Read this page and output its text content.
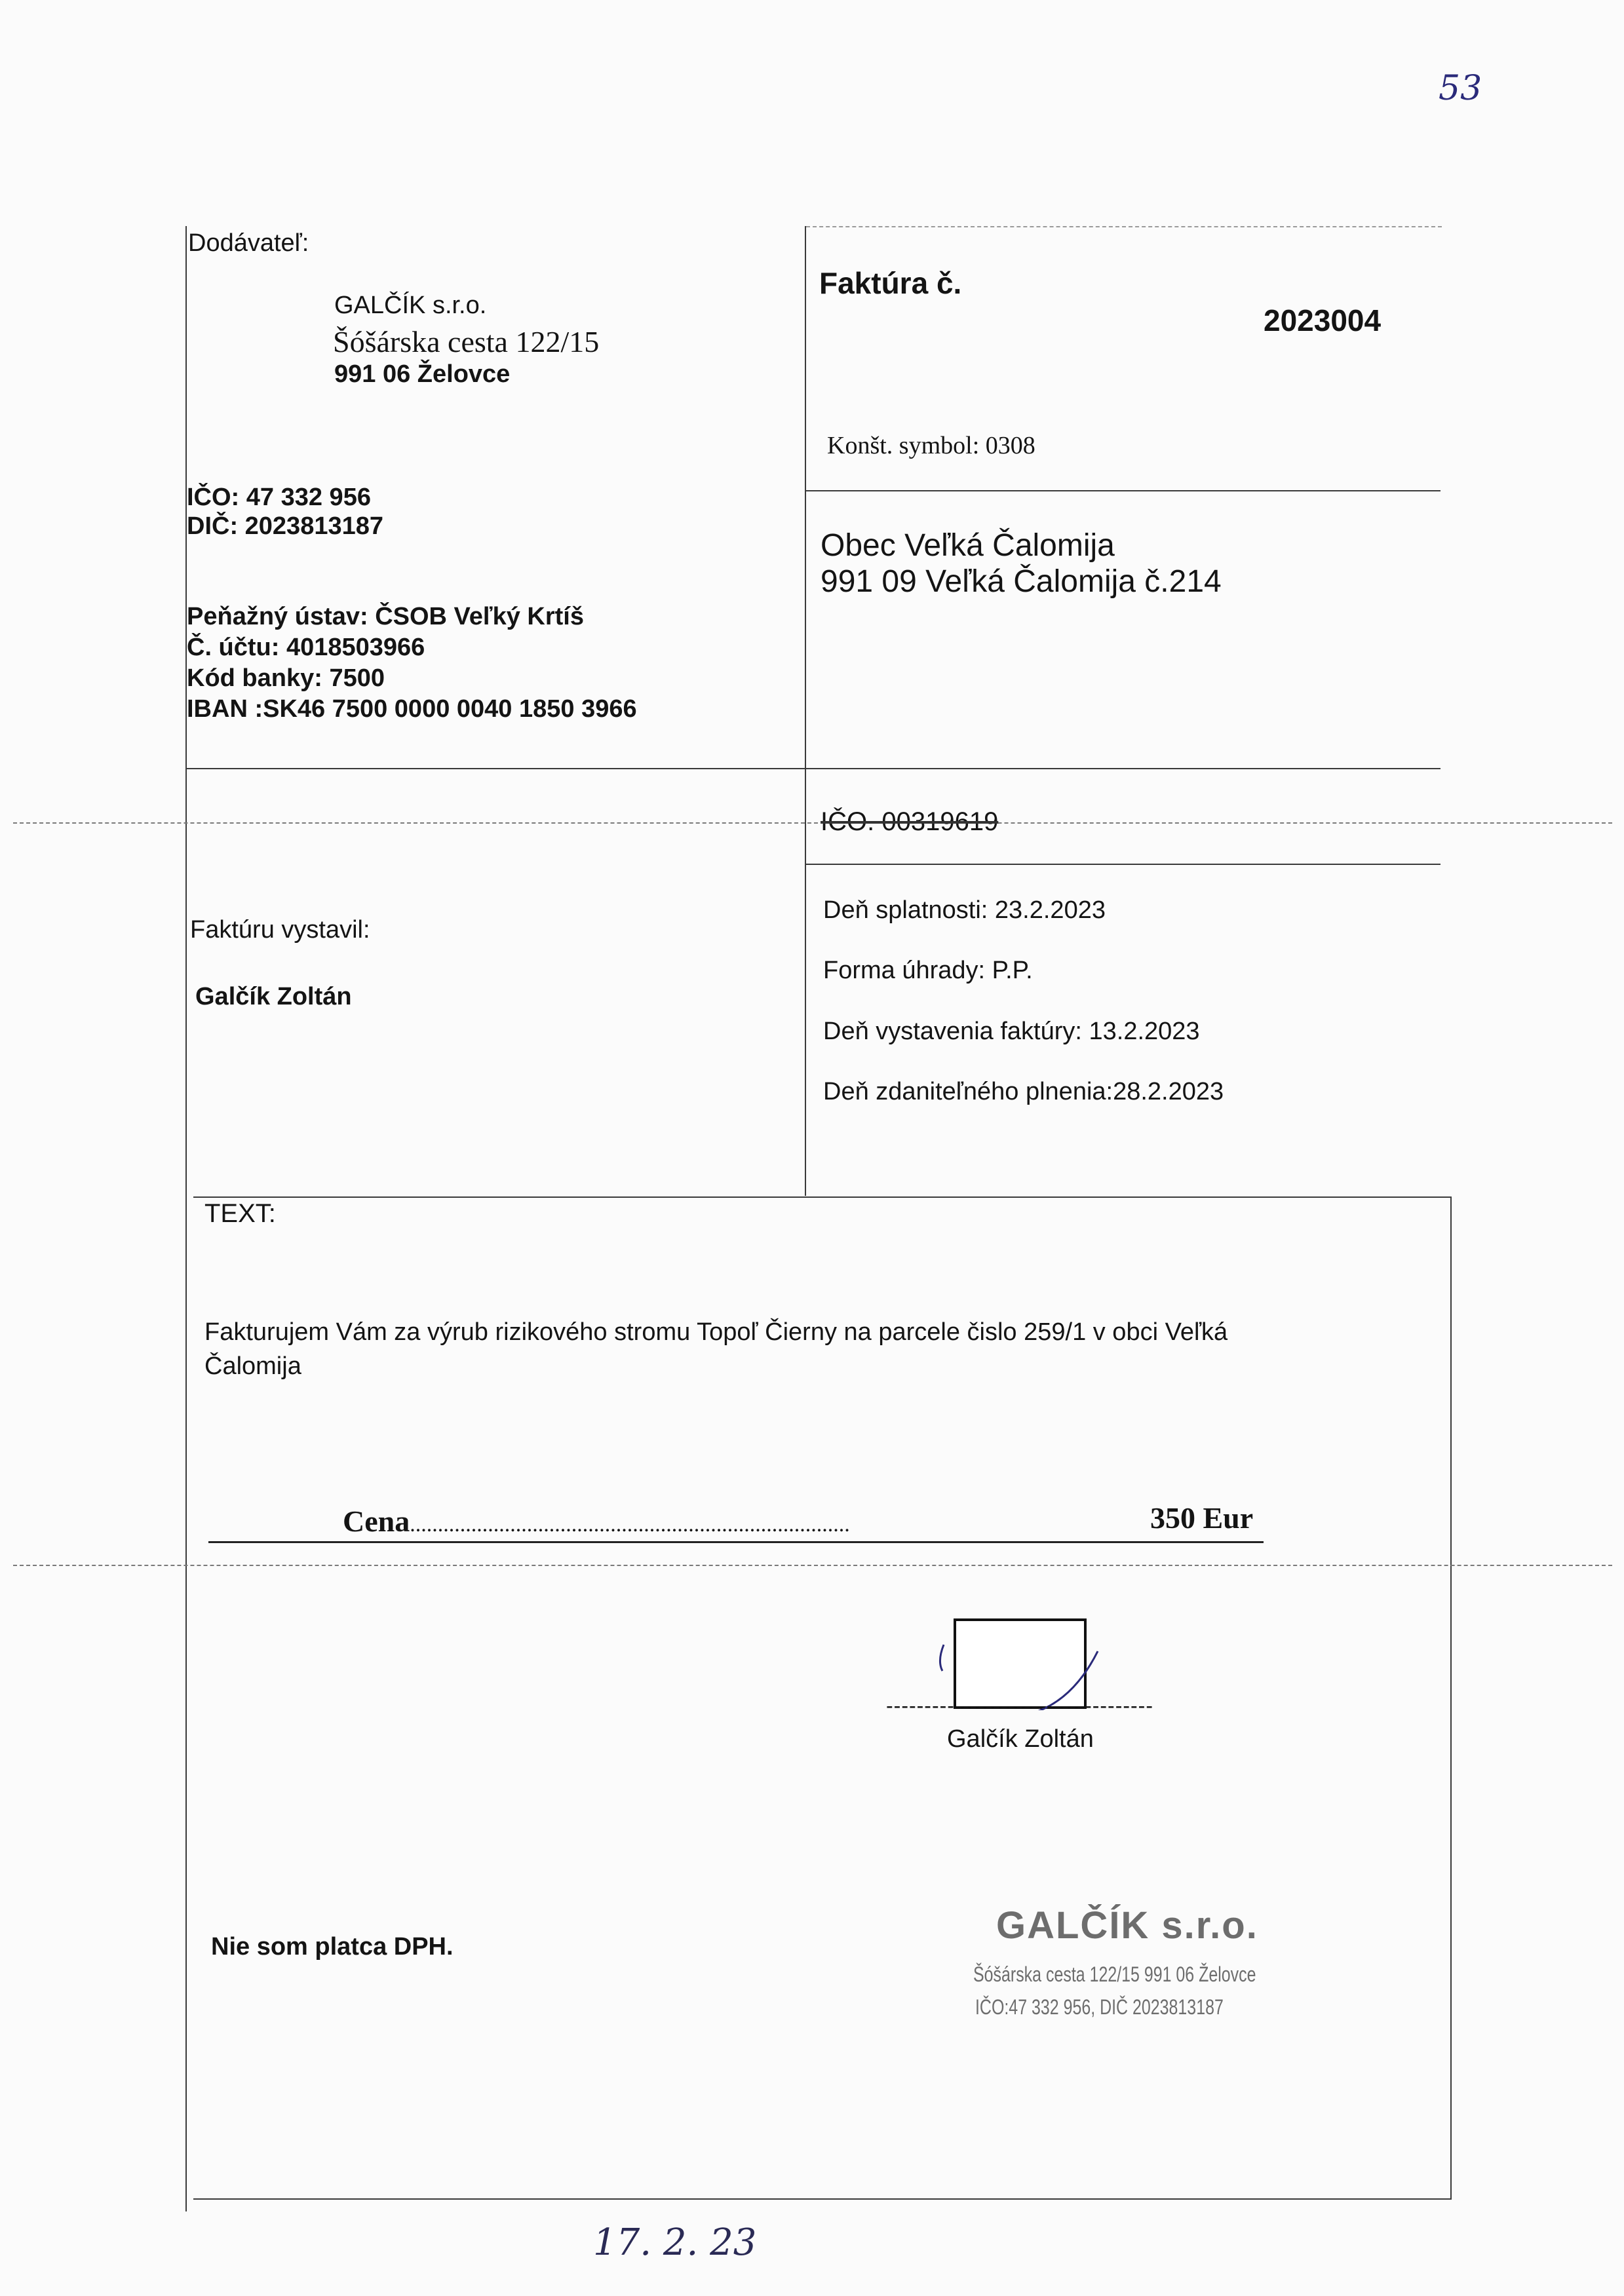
53
Dodávateľ:
GALČÍK s.r.o.
Šóšárska cesta 122/15
991 06 Želovce
IČO: 47 332 956
DIČ: 2023813187
Peňažný ústav: ČSOB Veľký Krtíš
Č. účtu: 4018503966
Kód banky: 7500
IBAN :SK46 7500 0000 0040 1850 3966
Faktúra č.
2023004
Konšt. symbol: 0308
Obec Veľká Čalomija
991 09 Veľká Čalomija č.214
IČO. 00319619
Faktúru vystavil:
Galčík Zoltán
Deň splatnosti: 23.2.2023
Forma úhrady: P.P.
Deň vystavenia faktúry: 13.2.2023
Deň zdaniteľného plnenia:28.2.2023
TEXT:
Fakturujem Vám za výrub rizikového stromu Topoľ Čierny na parcele čislo 259/1 v obci Veľká
Čalomija
Cena...............................................................................	350 Eur
-----------------------------------
Galčík Zoltán
Nie som platca DPH.	GALČÍK s.r.o.
Šóšárska cesta 122/15 991 06 Želovce
IČO:47 332 956, DIČ 2023813187
17. 2. 23
